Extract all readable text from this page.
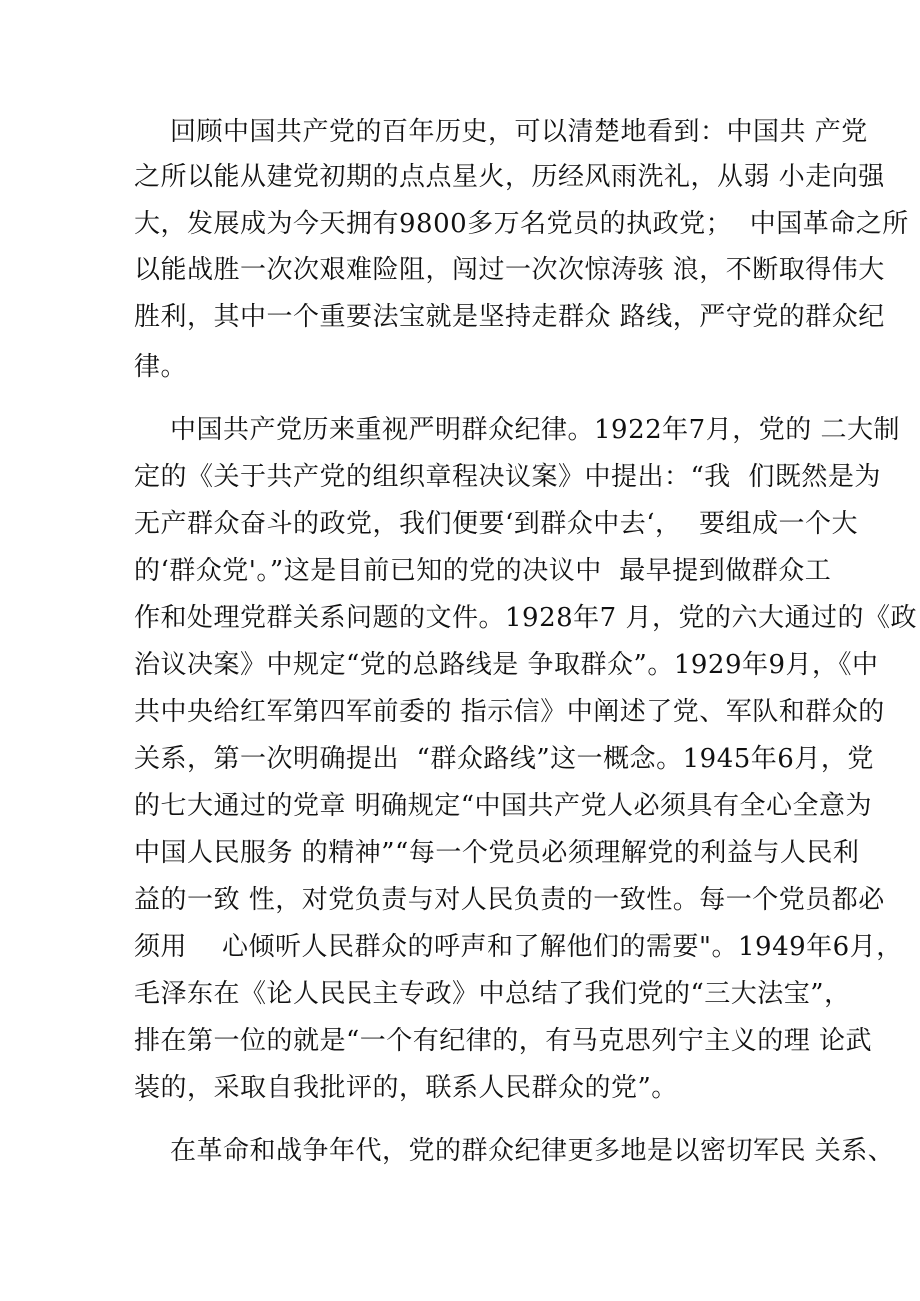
回顾中国共产党的百年历史，可以清楚地看到：中国共 产党
之所以能从建党初期的点点星火，历经风雨洗礼，从弱 小走向强
大，发展成为今天拥有9800多万名党员的执政党；  中国革命之所
以能战胜一次次艰难险阻，闯过一次次惊涛骇 浪，不断取得伟大
胜利，其中一个重要法宝就是坚持走群众 路线，严守党的群众纪
律。
中国共产党历来重视严明群众纪律。1922年7月，党的 二大制
定的《关于共产党的组织章程决议案》中提出：“我  们既然是为
无产群众奋斗的政党，我们便要‘到群众中去‘，  要组成一个大
的‘群众党'。”这是目前已知的党的决议中  最早提到做群众工
作和处理党群关系问题的文件。1928年7 月，党的六大通过的《政
治议决案》中规定“党的总路线是 争取群众”。1929年9月，《中
共中央给红军第四军前委的 指示信》中阐述了党、军队和群众的
关系，第一次明确提出  “群众路线”这一概念。1945年6月，党
的七大通过的党章 明确规定“中国共产党人必须具有全心全意为
中国人民服务 的精神”“每一个党员必须理解党的利益与人民利
益的一致 性，对党负责与对人民负责的一致性。每一个党员都必
须用    心倾听人民群众的呼声和了解他们的需要"。1949年6月，
毛泽东在《论人民民主专政》中总结了我们党的“三大法宝”，
排在第一位的就是“一个有纪律的，有马克思列宁主义的理 论武
装的，采取自我批评的，联系人民群众的党”。
在革命和战争年代，党的群众纪律更多地是以密切军民 关系、
